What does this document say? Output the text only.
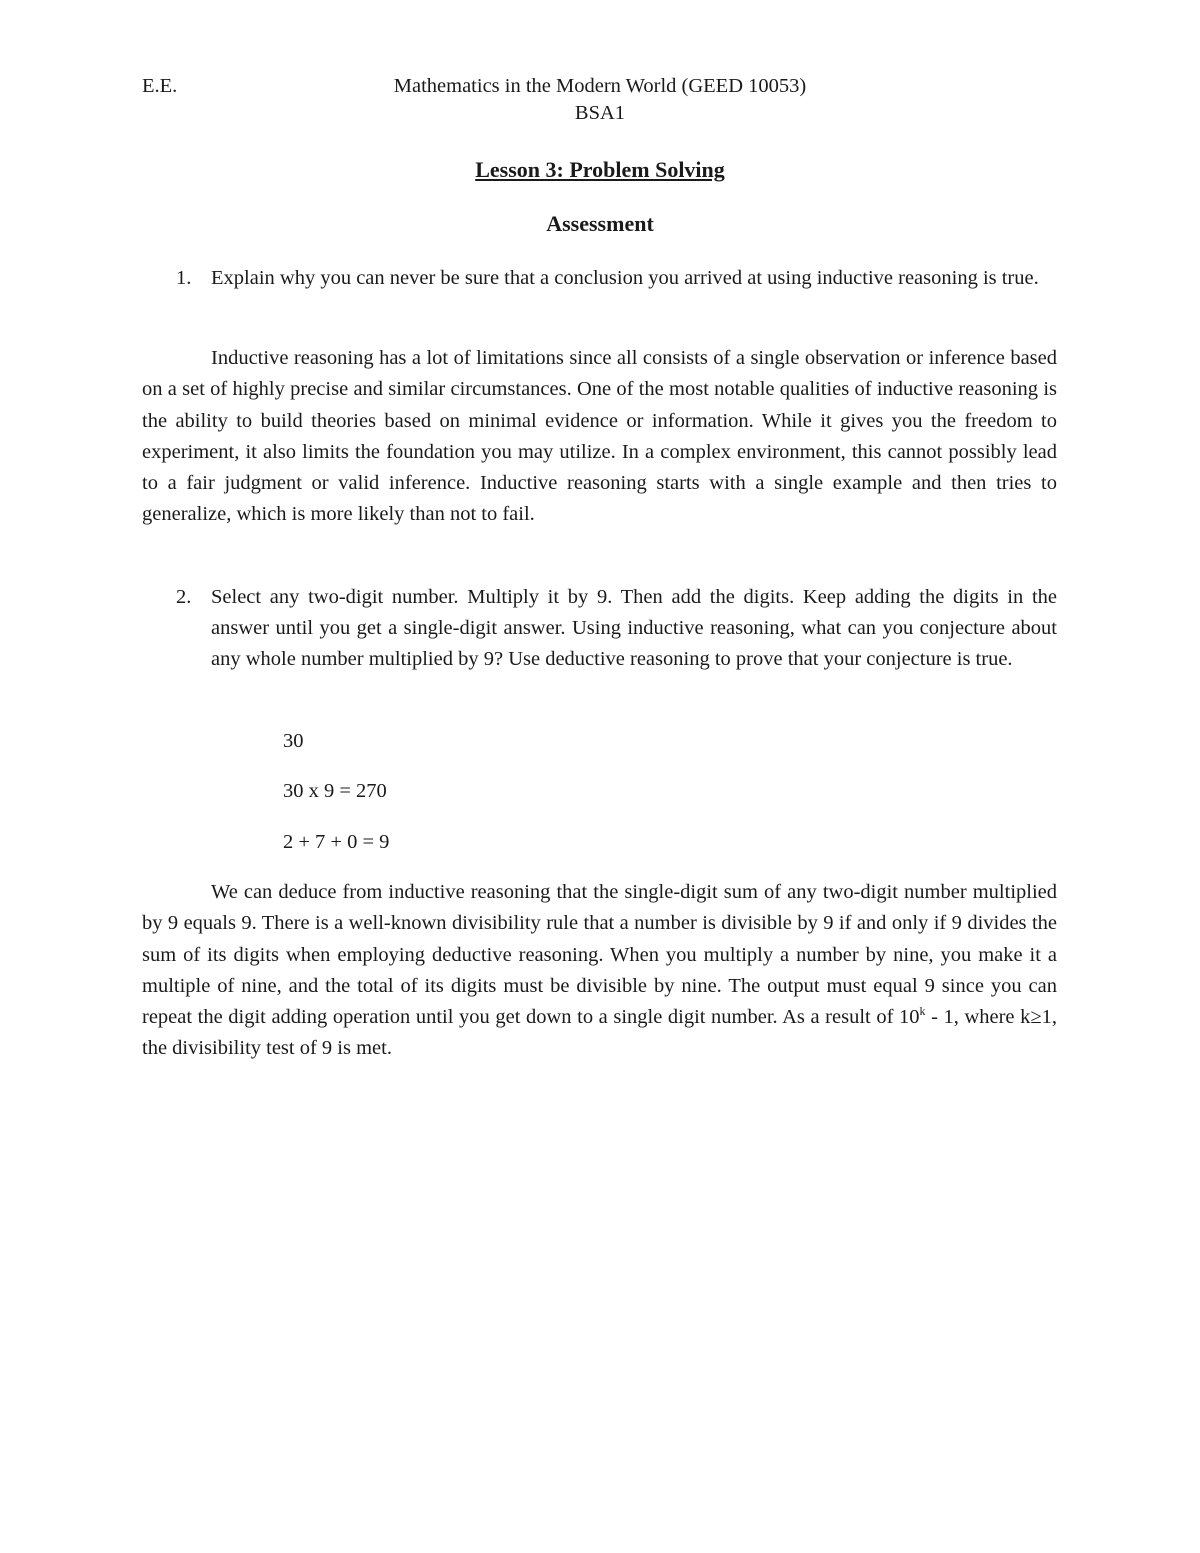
E.E.	Mathematics in the Modern World (GEED 10053)
BSA1
Lesson 3: Problem Solving
Assessment
1. Explain why you can never be sure that a conclusion you arrived at using inductive reasoning is true.
Inductive reasoning has a lot of limitations since all consists of a single observation or inference based on a set of highly precise and similar circumstances. One of the most notable qualities of inductive reasoning is the ability to build theories based on minimal evidence or information. While it gives you the freedom to experiment, it also limits the foundation you may utilize. In a complex environment, this cannot possibly lead to a fair judgment or valid inference. Inductive reasoning starts with a single example and then tries to generalize, which is more likely than not to fail.
2. Select any two-digit number. Multiply it by 9. Then add the digits. Keep adding the digits in the answer until you get a single-digit answer. Using inductive reasoning, what can you conjecture about any whole number multiplied by 9? Use deductive reasoning to prove that your conjecture is true.
30
30 x 9 = 270
2 + 7 + 0 = 9
We can deduce from inductive reasoning that the single-digit sum of any two-digit number multiplied by 9 equals 9. There is a well-known divisibility rule that a number is divisible by 9 if and only if 9 divides the sum of its digits when employing deductive reasoning. When you multiply a number by nine, you make it a multiple of nine, and the total of its digits must be divisible by nine. The output must equal 9 since you can repeat the digit adding operation until you get down to a single digit number. As a result of 10$^k$ - 1, where k≥1, the divisibility test of 9 is met.
